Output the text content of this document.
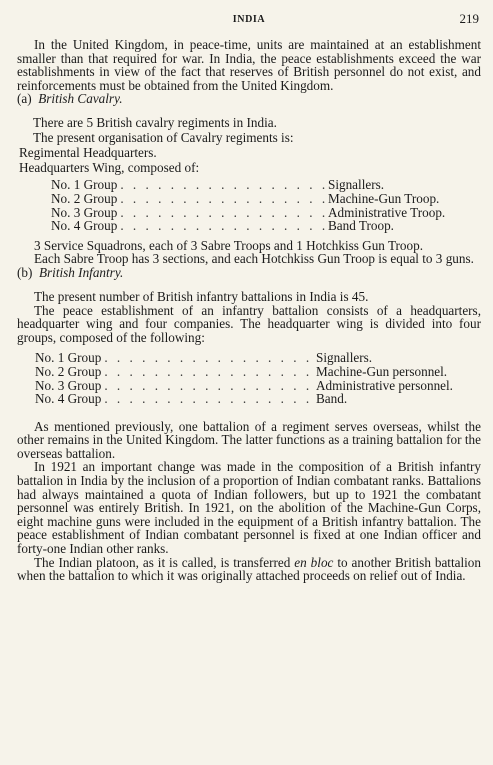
INDIA	219

In the United Kingdom, in peace-time, units are maintained at an establishment smaller than that required for war. In India, the peace establishments exceed the war establishments in view of the fact that reserves of British personnel do not exist, and reinforcements must be obtained from the United Kingdom.

(a) British Cavalry.
There are 5 British cavalry regiments in India.
The present organisation of Cavalry regiments is:
Regimental Headquarters.
Headquarters Wing, composed of:
No. 1 Group . . .	Signallers.
No. 2 Group . . .	Machine-Gun Troop.
No. 3 Group . . .	Administrative Troop.
No. 4 Group . . .	Band Troop.

3 Service Squadrons, each of 3 Sabre Troops and 1 Hotchkiss Gun Troop.

Each Sabre Troop has 3 sections, and each Hotchkiss Gun Troop is equal to 3 guns.

(b) British Infantry.

The present number of British infantry battalions in India is 45.

The peace establishment of an infantry battalion consists of a headquarters, headquarter wing and four companies. The headquarter wing is divided into four groups, composed of the following:

No. 1 Group . . .	Signallers.
No. 2 Group . . .	Machine-Gun personnel.
No. 3 Group . . .	Administrative personnel.
No. 4 Group . . .	Band.

As mentioned previously, one battalion of a regiment serves overseas, whilst the other remains in the United Kingdom. The latter functions as a training battalion for the overseas battalion.

In 1921 an important change was made in the composition of a British infantry battalion in India by the inclusion of a proportion of Indian combatant ranks. Battalions had always maintained a quota of Indian followers, but up to 1921 the combatant personnel was entirely British. In 1921, on the abolition of the Machine-Gun Corps, eight machine guns were included in the equipment of a British infantry battalion. The peace establishment of Indian combatant personnel is fixed at one Indian officer and forty-one Indian other ranks.

The Indian platoon, as it is called, is transferred en bloc to another British battalion when the battalion to which it was originally attached proceeds on relief out of India.
